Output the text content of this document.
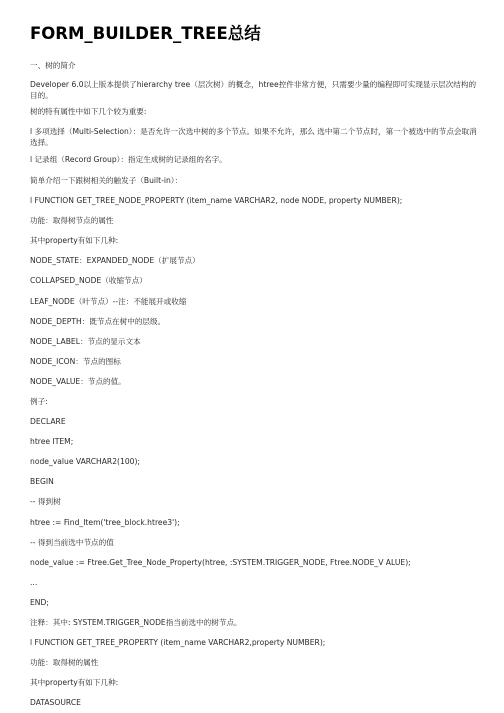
FORM_BUILDER_TREE总结
一、树的简介
Developer 6.0以上版本提供了hierarchy tree（层次树）的概念，htree控件非常方便，只需要少量的编程即可实现显示层次结构的目的。
树的特有属性中如下几个较为重要:
l 多项选择（Multi-Selection）：是否允许一次选中树的多个节点。如果不允许，那么 选中第二个节点时，第一个被选中的节点会取消选择。
l 记录组（Record Group）：指定生成树的记录组的名字。
简单介绍一下跟树相关的触发子（Built-in）：
l FUNCTION GET_TREE_NODE_PROPERTY (item_name VARCHAR2, node NODE, property NUMBER);
功能：取得树节点的属性
其中property有如下几种:
NODE_STATE：EXPANDED_NODE（扩展节点）
COLLAPSED_NODE（收缩节点）
LEAF_NODE（叶节点）--注：不能展开或收缩
NODE_DEPTH：既节点在树中的层级。
NODE_LABEL：节点的显示文本
NODE_ICON：节点的图标
NODE_VALUE：节点的值。
例子:
DECLARE
htree ITEM;
node_value VARCHAR2(100);
BEGIN
-- 得到树
htree := Find_Item('tree_block.htree3');
-- 得到当前选中节点的值
node_value := Ftree.Get_Tree_Node_Property(htree, :SYSTEM.TRIGGER_NODE, Ftree.NODE_V ALUE);
...
END;
注释：其中: SYSTEM.TRIGGER_NODE指当前选中的树节点。
l FUNCTION GET_TREE_PROPERTY (item_name VARCHAR2,property NUMBER);
功能：取得树的属性
其中property有如下几种:
DATASOURCE
